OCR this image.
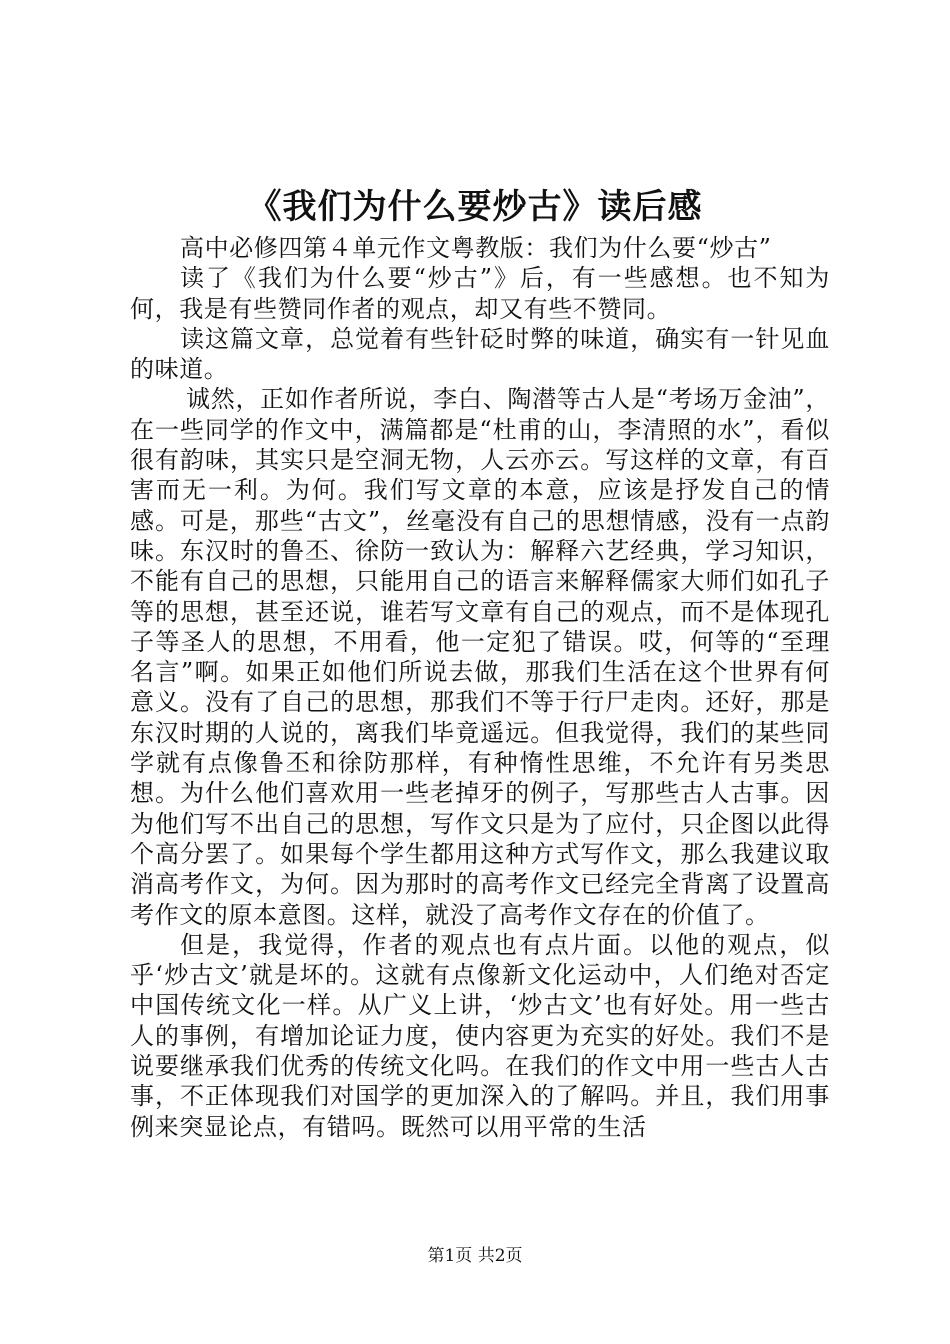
《我们为什么要炒古》读后感

高中必修四第４单元作文粤教版：我们为什么要“炒古”

读了《我们为什么要“炒古”》后，有一些感想。也不知为何，我是有些赞同作者的观点，却又有些不赞同。

读这篇文章，总觉着有些针砭时弊的味道，确实有一针见血的味道。

诚然，正如作者所说，李白、陶潜等古人是“考场万金油”，在一些同学的作文中，满篇都是“杜甫的山，李清照的水”，看似很有韵味，其实只是空洞无物，人云亦云。写这样的文章，有百害而无一利。为何。我们写文章的本意，应该是抒发自己的情感。可是，那些“古文”，丝毫没有自己的思想情感，没有一点韵味。东汉时的鲁丕、徐防一致认为：解释六艺经典，学习知识，不能有自己的思想，只能用自己的语言来解释儒家大师们如孔子等的思想，甚至还说，谁若写文章有自己的观点，而不是体现孔子等圣人的思想，不用看，他一定犯了错误。哎，何等的“至理名言”啊。如果正如他们所说去做，那我们生活在这个世界有何意义。没有了自己的思想，那我们不等于行尸走肉。还好，那是东汉时期的人说的，离我们毕竟遥远。但我觉得，我们的某些同学就有点像鲁丕和徐防那样，有种惰性思维，不允许有另类思想。为什么他们喜欢用一些老掉牙的例子，写那些古人古事。因为他们写不出自己的思想，写作文只是为了应付，只企图以此得个高分罢了。如果每个学生都用这种方式写作文，那么我建议取消高考作文，为何。因为那时的高考作文已经完全背离了设置高考作文的原本意图。这样，就没了高考作文存在的价值了。

但是，我觉得，作者的观点也有点片面。以他的观点，似乎‘炒古文’就是坏的。这就有点像新文化运动中，人们绝对否定中国传统文化一样。从广义上讲，‘炒古文’也有好处。用一些古人的事例，有增加论证力度，使内容更为充实的好处。我们不是说要继承我们优秀的传统文化吗。在我们的作文中用一些古人古事，不正体现我们对国学的更加深入的了解吗。并且，我们用事例来突显论点，有错吗。既然可以用平常的生活

第1页 共2页
